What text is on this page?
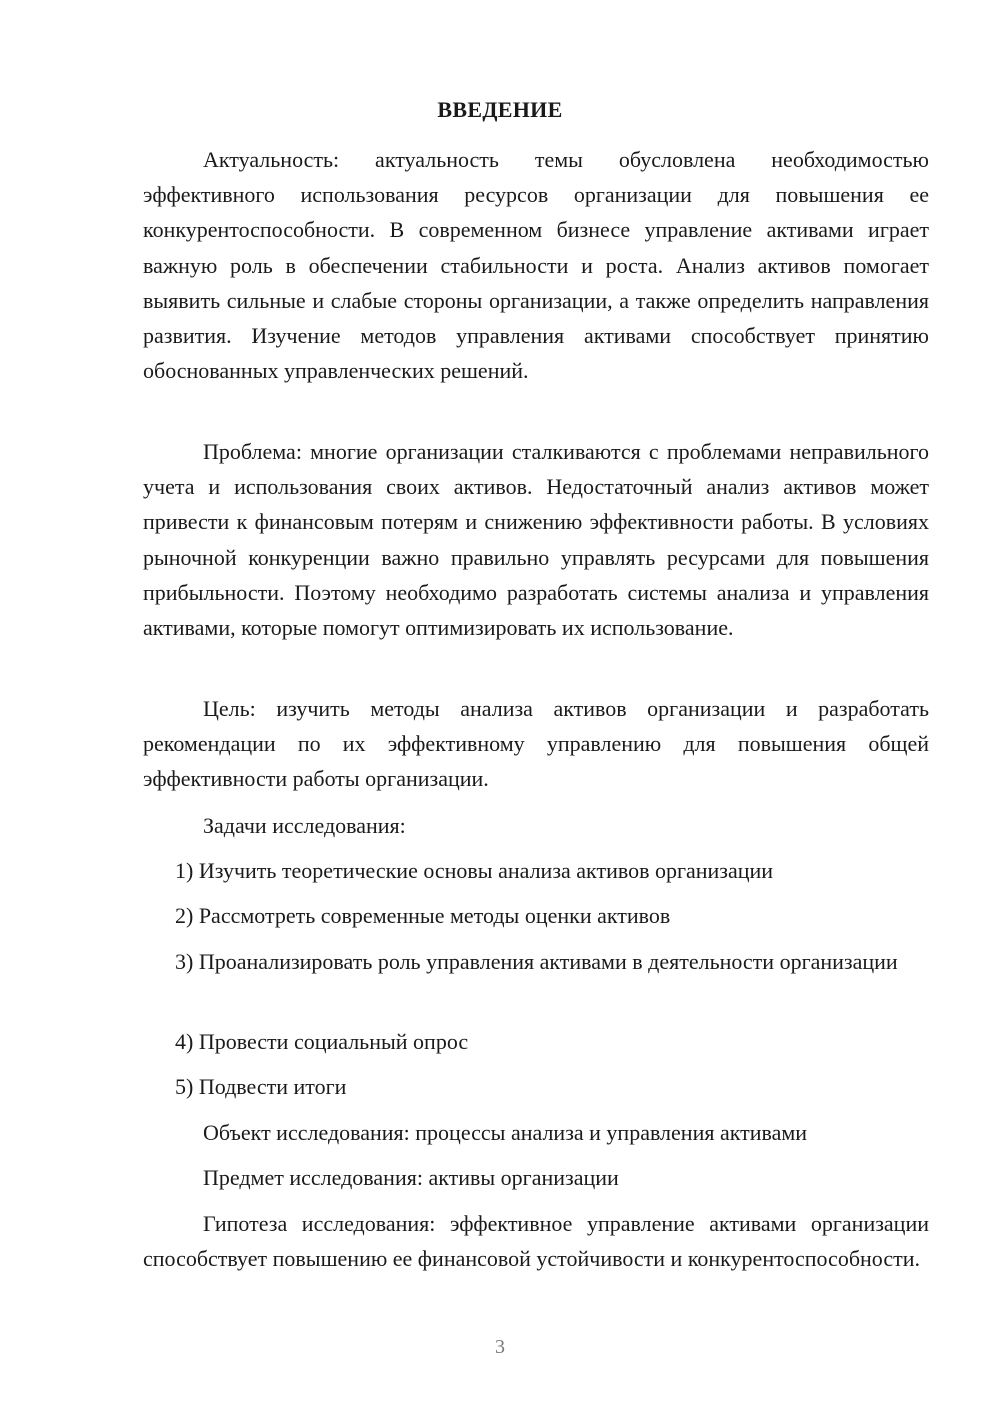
ВВЕДЕНИЕ

Актуальность: актуальность темы обусловлена необходимостью эффективного использования ресурсов организации для повышения ее конкурентоспособности. В современном бизнесе управление активами играет важную роль в обеспечении стабильности и роста. Анализ активов помогает выявить сильные и слабые стороны организации, а также определить направления развития. Изучение методов управления активами способствует принятию обоснованных управленческих решений.

Проблема: многие организации сталкиваются с проблемами неправильного учета и использования своих активов. Недостаточный анализ активов может привести к финансовым потерям и снижению эффективности работы. В условиях рыночной конкуренции важно правильно управлять ресурсами для повышения прибыльности. Поэтому необходимо разработать системы анализа и управления активами, которые помогут оптимизировать их использование.

Цель: изучить методы анализа активов организации и разработать рекомендации по их эффективному управлению для повышения общей эффективности работы организации.

Задачи исследования:

1) Изучить теоретические основы анализа активов организации

2) Рассмотреть современные методы оценки активов

3) Проанализировать роль управления активами в деятельности организации

4) Провести социальный опрос

5) Подвести итоги

Объект исследования: процессы анализа и управления активами

Предмет исследования: активы организации

Гипотеза исследования: эффективное управление активами организации способствует повышению ее финансовой устойчивости и конкурентоспособности.

3
